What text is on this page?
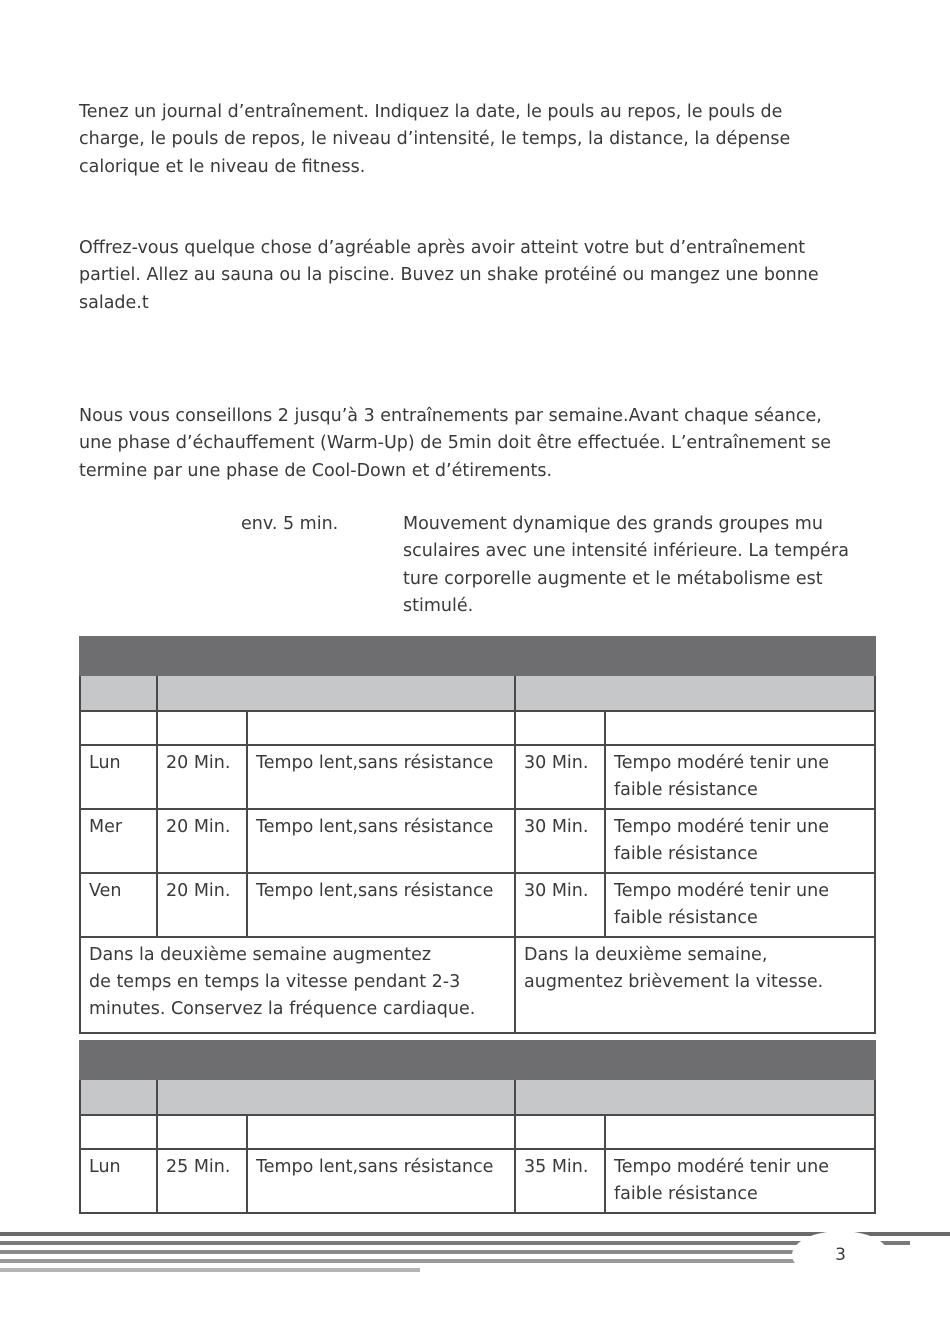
Tenez un journal d’entraînement. Indiquez la date, le pouls au repos, le pouls de
charge, le pouls de repos, le niveau d’intensité, le temps, la distance, la dépense
calorique et le niveau de fitness.
Offrez-vous quelque chose d’agréable après avoir atteint votre but d’entraînement
partiel. Allez au sauna ou la piscine. Buvez un shake protéiné ou mangez une bonne
salade.t
Nous vous conseillons 2 jusqu’à 3 entraînements par semaine.Avant chaque séance,
une phase d’échauffement (Warm-Up) de 5min doit être effectuée. L’entraînement se
termine par une phase de Cool-Down et d’étirements.
env. 5 min.	Mouvement dynamique des grands groupes mu
sculaires avec une intensité inférieure. La tempéra
ture corporelle augmente et le métabolisme est
stimulé.

Lun	20 Min.	Tempo lent,sans résistance	30 Min.	Tempo modéré tenir une faible résistance
Mer	20 Min.	Tempo lent,sans résistance	30 Min.	Tempo modéré tenir une faible résistance
Ven	20 Min.	Tempo lent,sans résistance	30 Min.	Tempo modéré tenir une faible résistance

Dans la deuxième semaine augmentez
de temps en temps la vitesse pendant 2-3
minutes. Conservez la fréquence cardiaque.			Dans la deuxième semaine,
augmentez brièvement la vitesse.	

Lun	25 Min.	Tempo lent,sans résistance	35 Min.	Tempo modéré tenir une faible résistance
3
